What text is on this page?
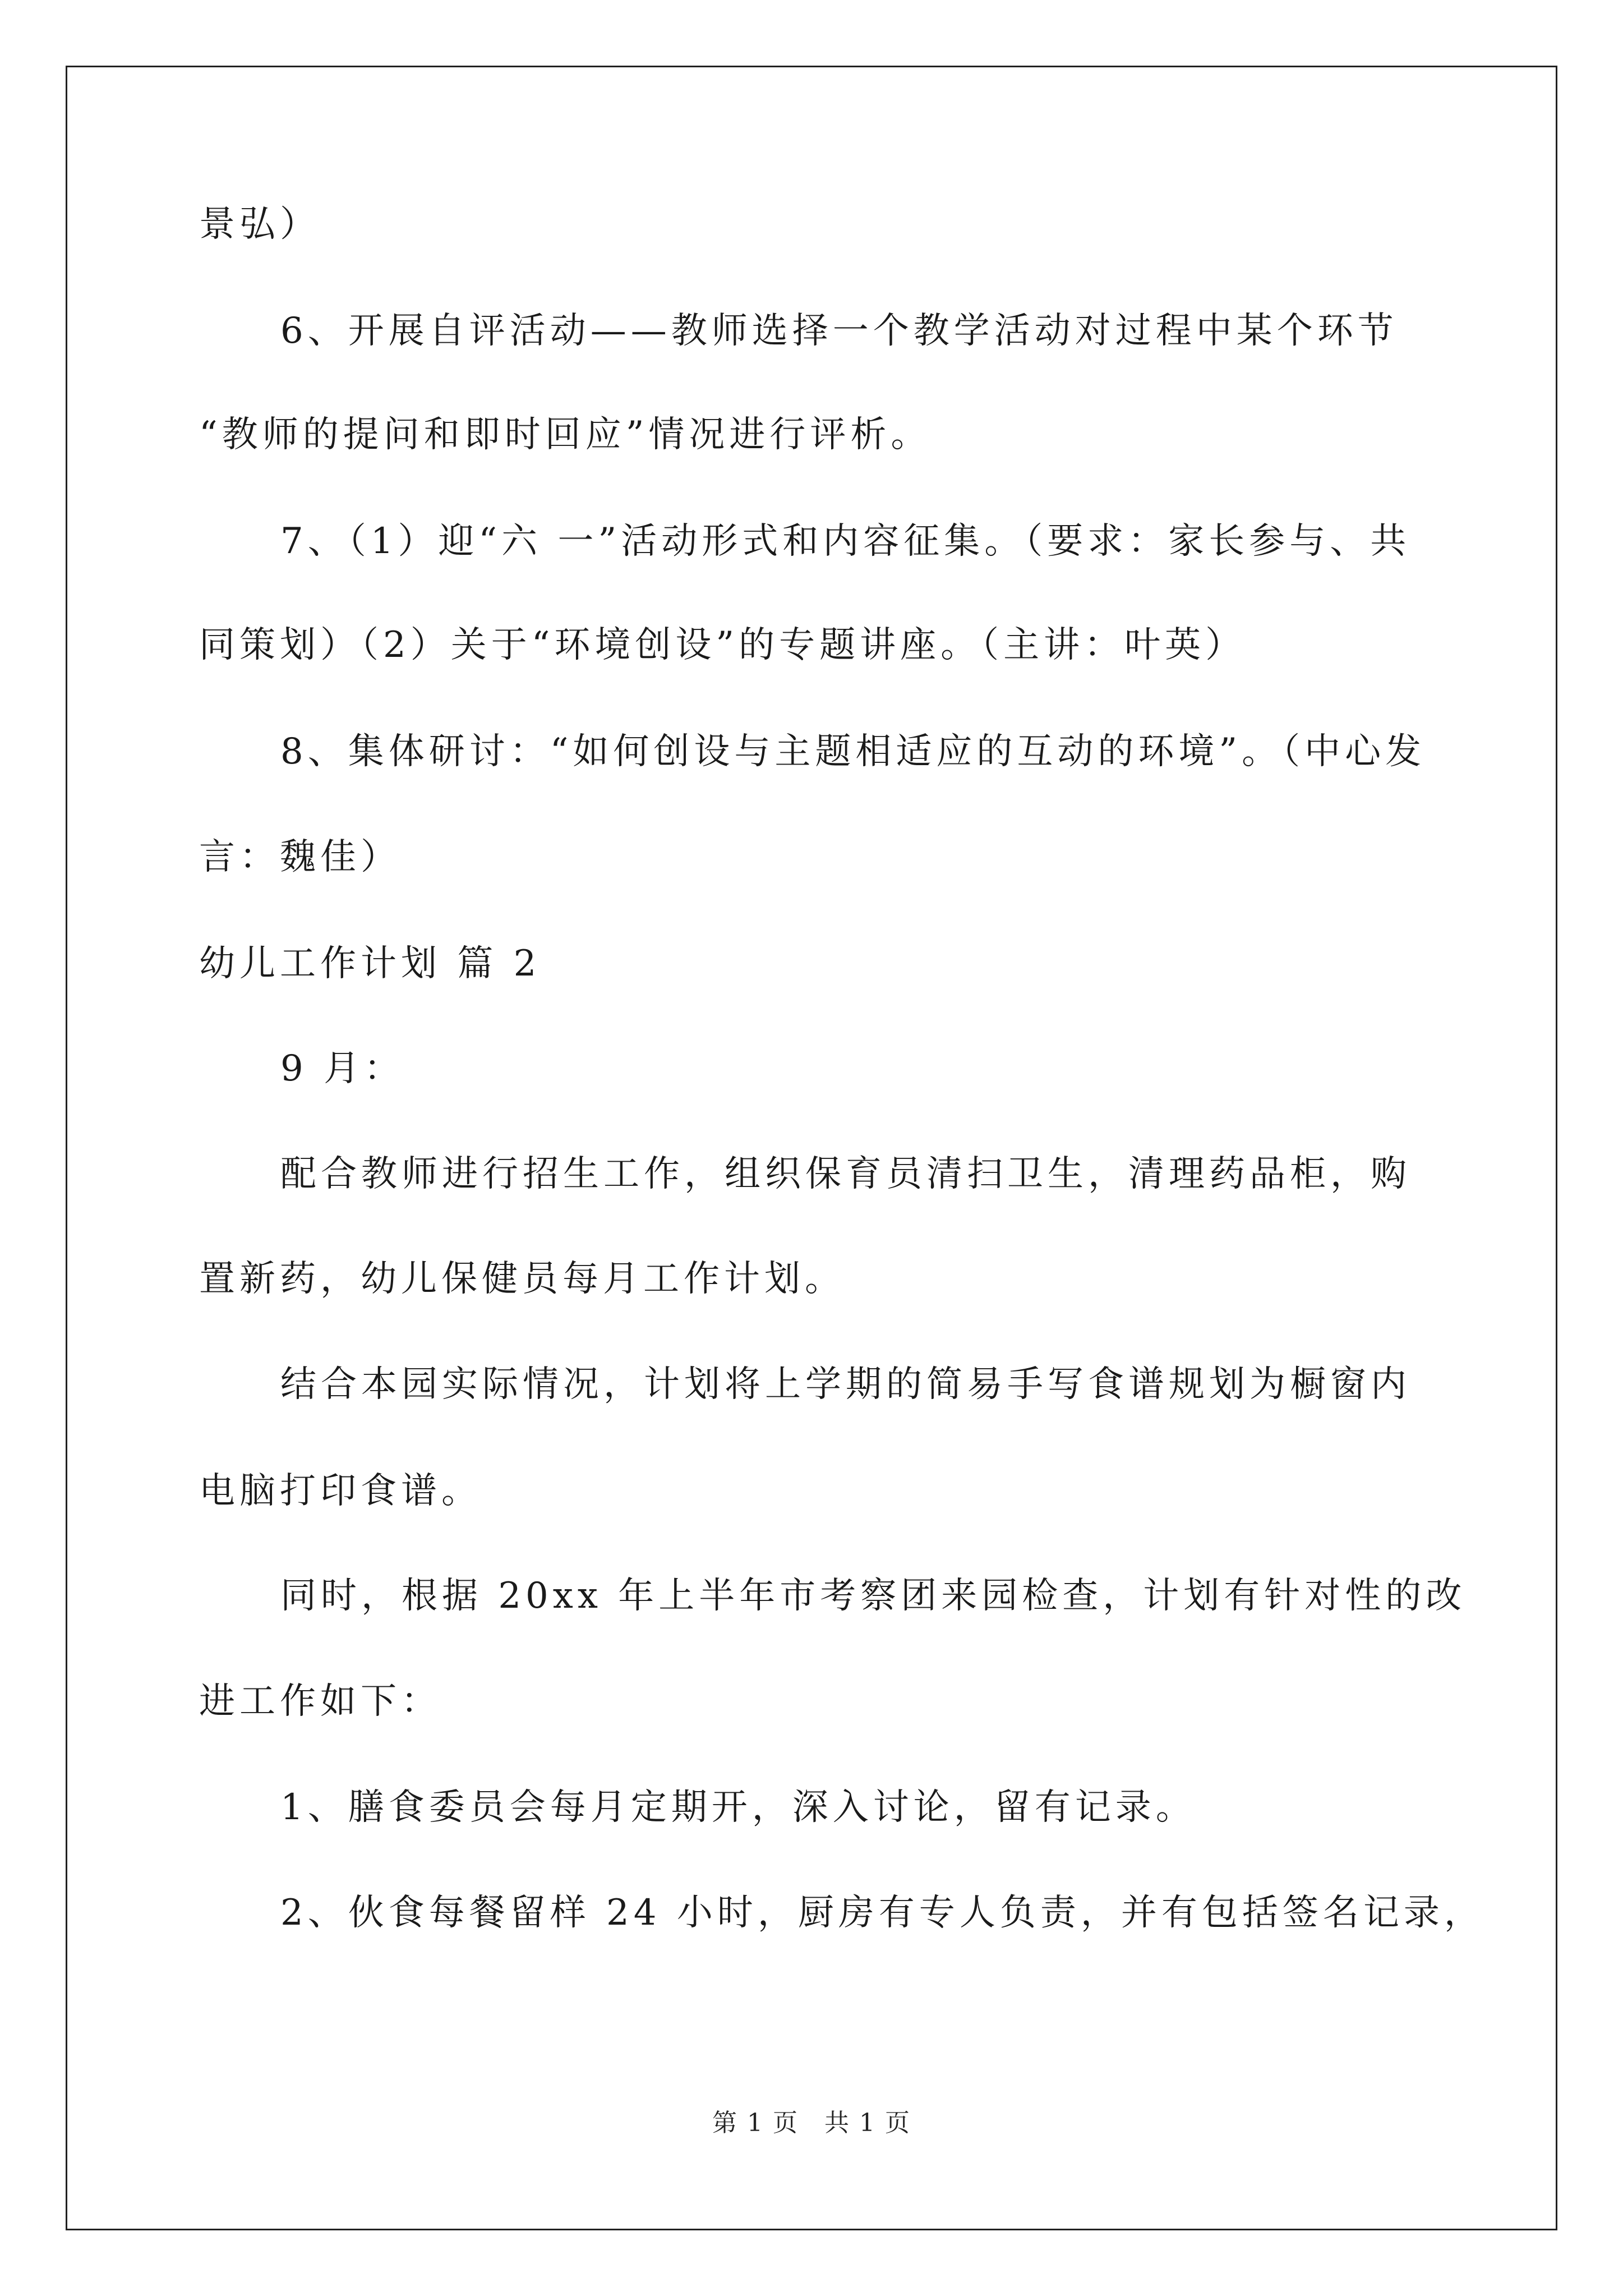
景弘）
6、开展自评活动——教师选择一个教学活动对过程中某个环节
“教师的提问和即时回应”情况进行评析。
7、（1）迎“六 一”活动形式和内容征集。（要求：家长参与、共
同策划）（2）关于“环境创设”的专题讲座。（主讲：叶英）
8、集体研讨：“如何创设与主题相适应的互动的环境”。（中心发
言：魏佳）
幼儿工作计划 篇 2
9 月：
配合教师进行招生工作，组织保育员清扫卫生，清理药品柜，购
置新药，幼儿保健员每月工作计划。
结合本园实际情况，计划将上学期的简易手写食谱规划为橱窗内
电脑打印食谱。
同时，根据 20xx 年上半年市考察团来园检查，计划有针对性的改
进工作如下：
1、膳食委员会每月定期开，深入讨论，留有记录。
2、伙食每餐留样 24 小时，厨房有专人负责，并有包括签名记录，
第 1 页　共 1 页
